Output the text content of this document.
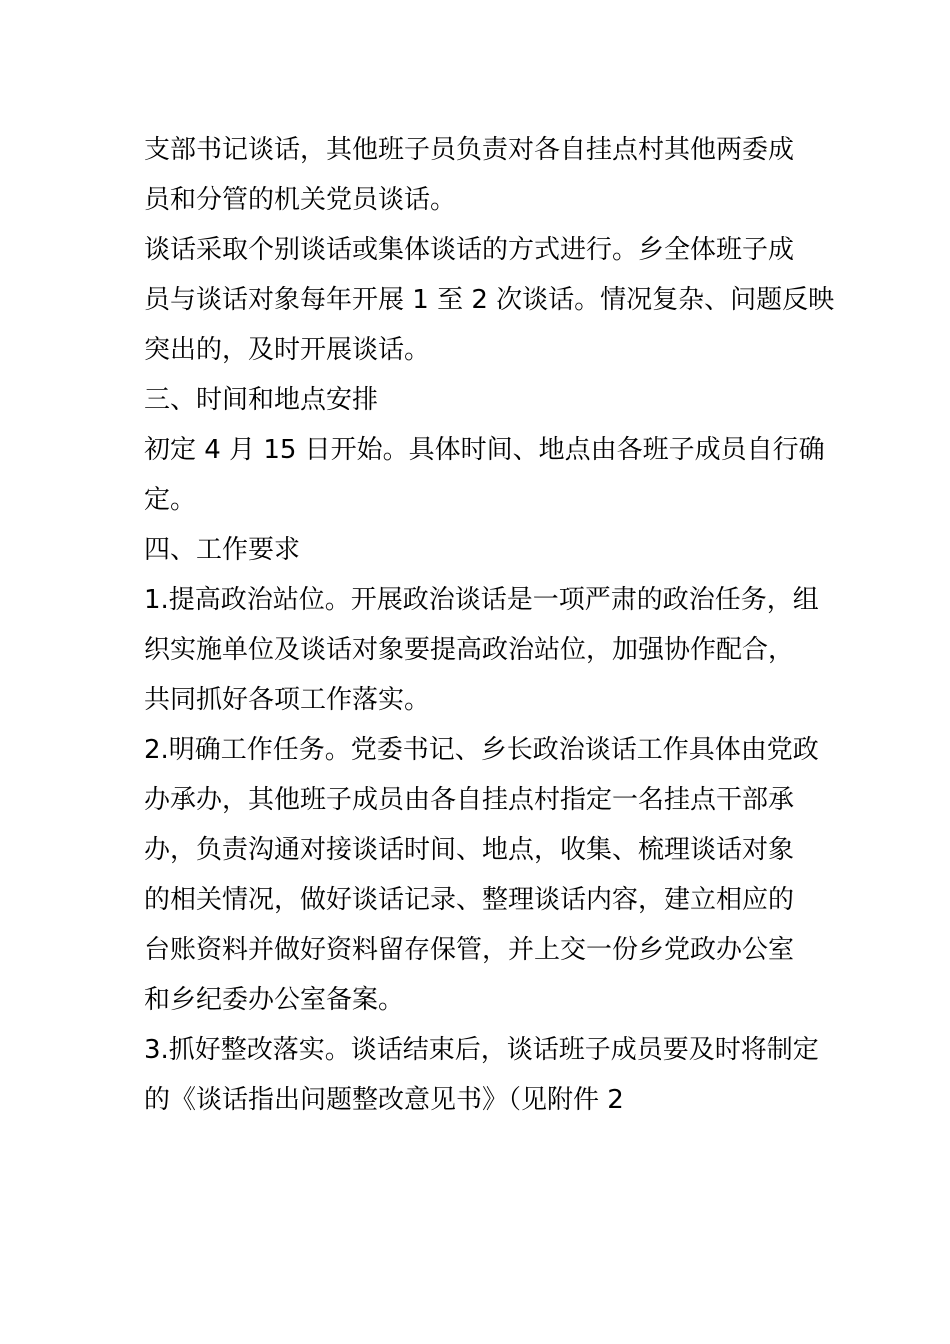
支部书记谈话，其他班子员负责对各自挂点村其他两委成
员和分管的机关党员谈话。
谈话采取个别谈话或集体谈话的方式进行。乡全体班子成
员与谈话对象每年开展 1 至 2 次谈话。情况复杂、问题反映
突出的，及时开展谈话。
三、时间和地点安排
初定 4 月 15 日开始。具体时间、地点由各班子成员自行确
定。
四、工作要求
1.提高政治站位。开展政治谈话是一项严肃的政治任务，组
织实施单位及谈话对象要提高政治站位，加强协作配合，
共同抓好各项工作落实。
2.明确工作任务。党委书记、乡长政治谈话工作具体由党政
办承办，其他班子成员由各自挂点村指定一名挂点干部承
办，负责沟通对接谈话时间、地点，收集、梳理谈话对象
的相关情况，做好谈话记录、整理谈话内容，建立相应的
台账资料并做好资料留存保管，并上交一份乡党政办公室
和乡纪委办公室备案。
3.抓好整改落实。谈话结束后，谈话班子成员要及时将制定
的《谈话指出问题整改意见书》（见附件 2
